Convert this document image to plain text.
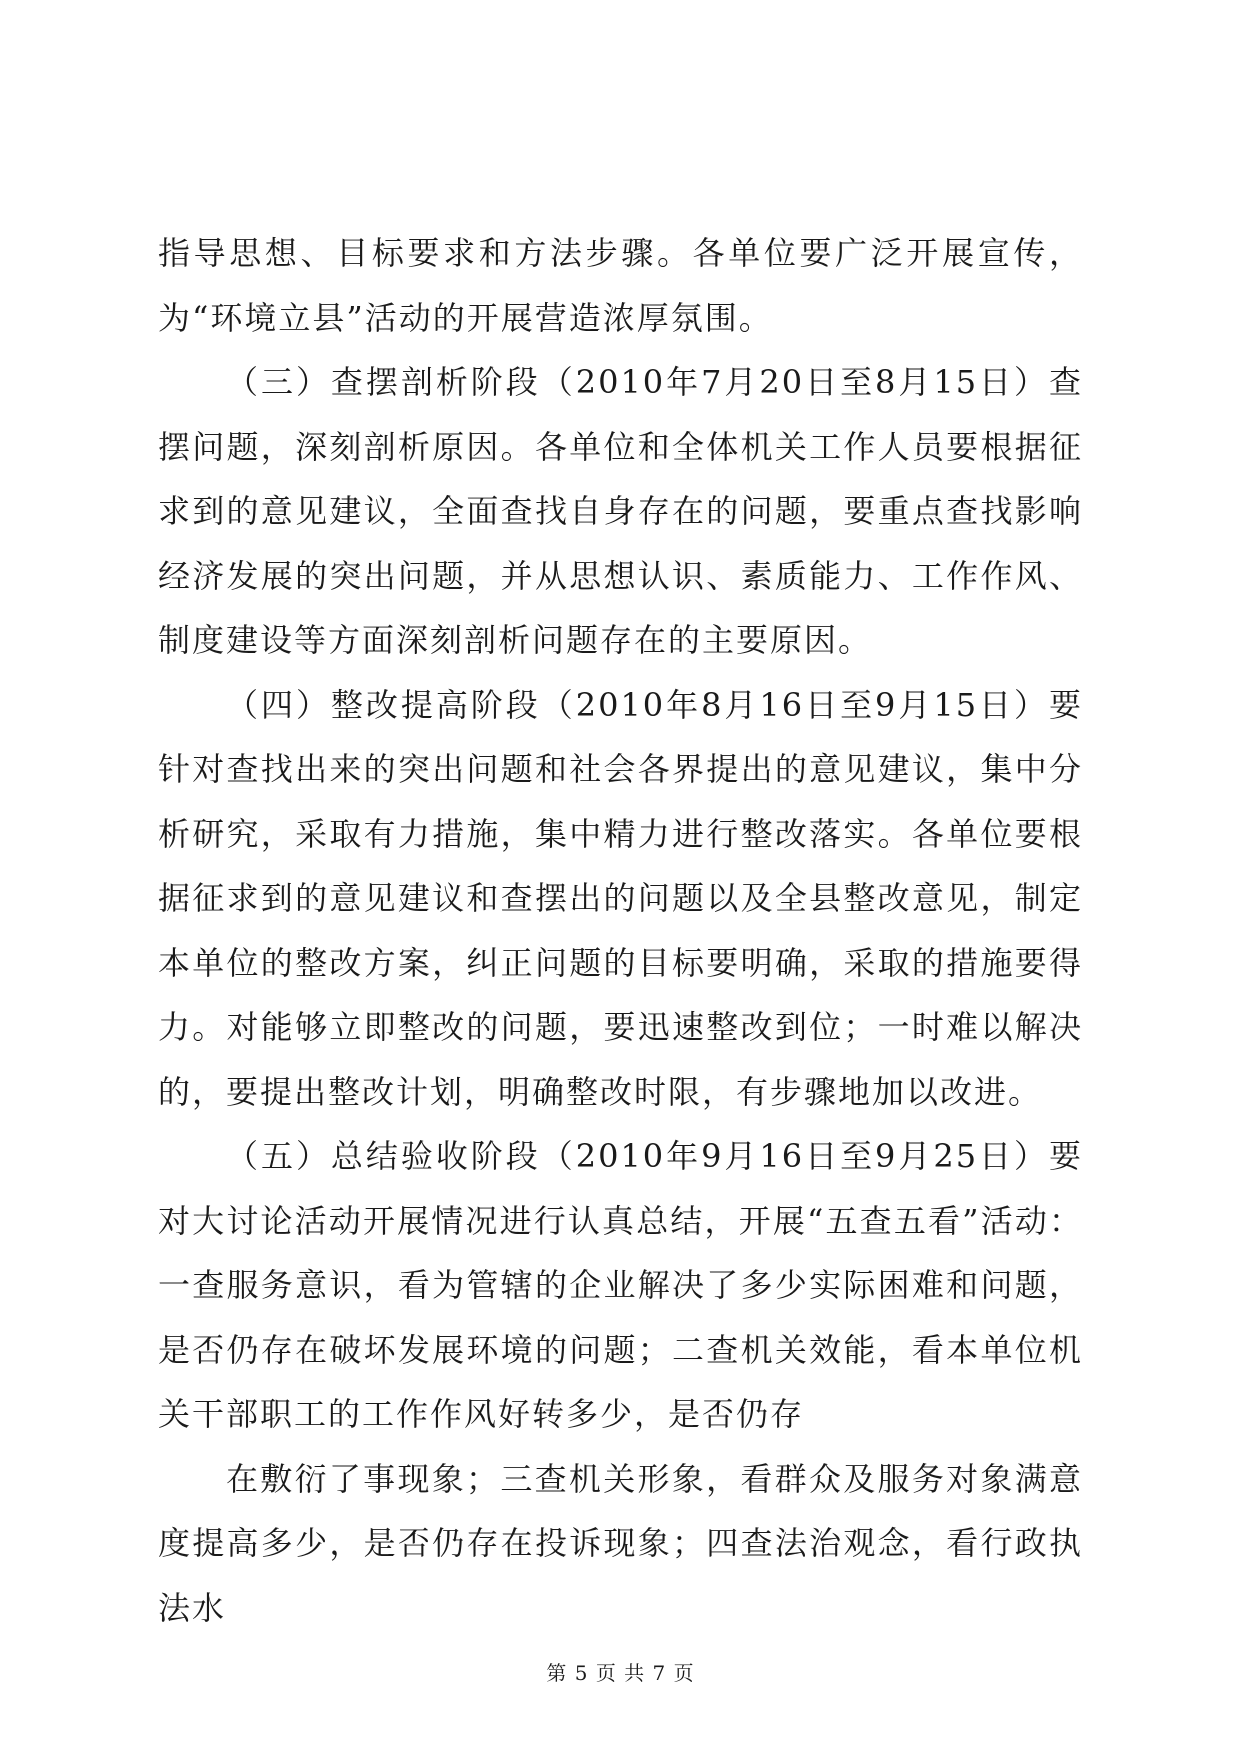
指导思想、目标要求和方法步骤。各单位要广泛开展宣传，为“环境立县”活动的开展营造浓厚氛围。

（三）查摆剖析阶段（2010年7月20日至8月15日）查摆问题，深刻剖析原因。各单位和全体机关工作人员要根据征求到的意见建议，全面查找自身存在的问题，要重点查找影响经济发展的突出问题，并从思想认识、素质能力、工作作风、制度建设等方面深刻剖析问题存在的主要原因。

（四）整改提高阶段（2010年8月16日至9月15日）要针对查找出来的突出问题和社会各界提出的意见建议，集中分析研究，采取有力措施，集中精力进行整改落实。各单位要根据征求到的意见建议和查摆出的问题以及全县整改意见，制定本单位的整改方案，纠正问题的目标要明确，采取的措施要得力。对能够立即整改的问题，要迅速整改到位；一时难以解决的，要提出整改计划，明确整改时限，有步骤地加以改进。

（五）总结验收阶段（2010年9月16日至9月25日）要对大讨论活动开展情况进行认真总结，开展“五查五看”活动：一查服务意识，看为管辖的企业解决了多少实际困难和问题，是否仍存在破坏发展环境的问题；二查机关效能，看本单位机关干部职工的工作作风好转多少，是否仍存

在敷衍了事现象；三查机关形象，看群众及服务对象满意度提高多少，是否仍存在投诉现象；四查法治观念，看行政执法水

第 5 页 共 7 页
